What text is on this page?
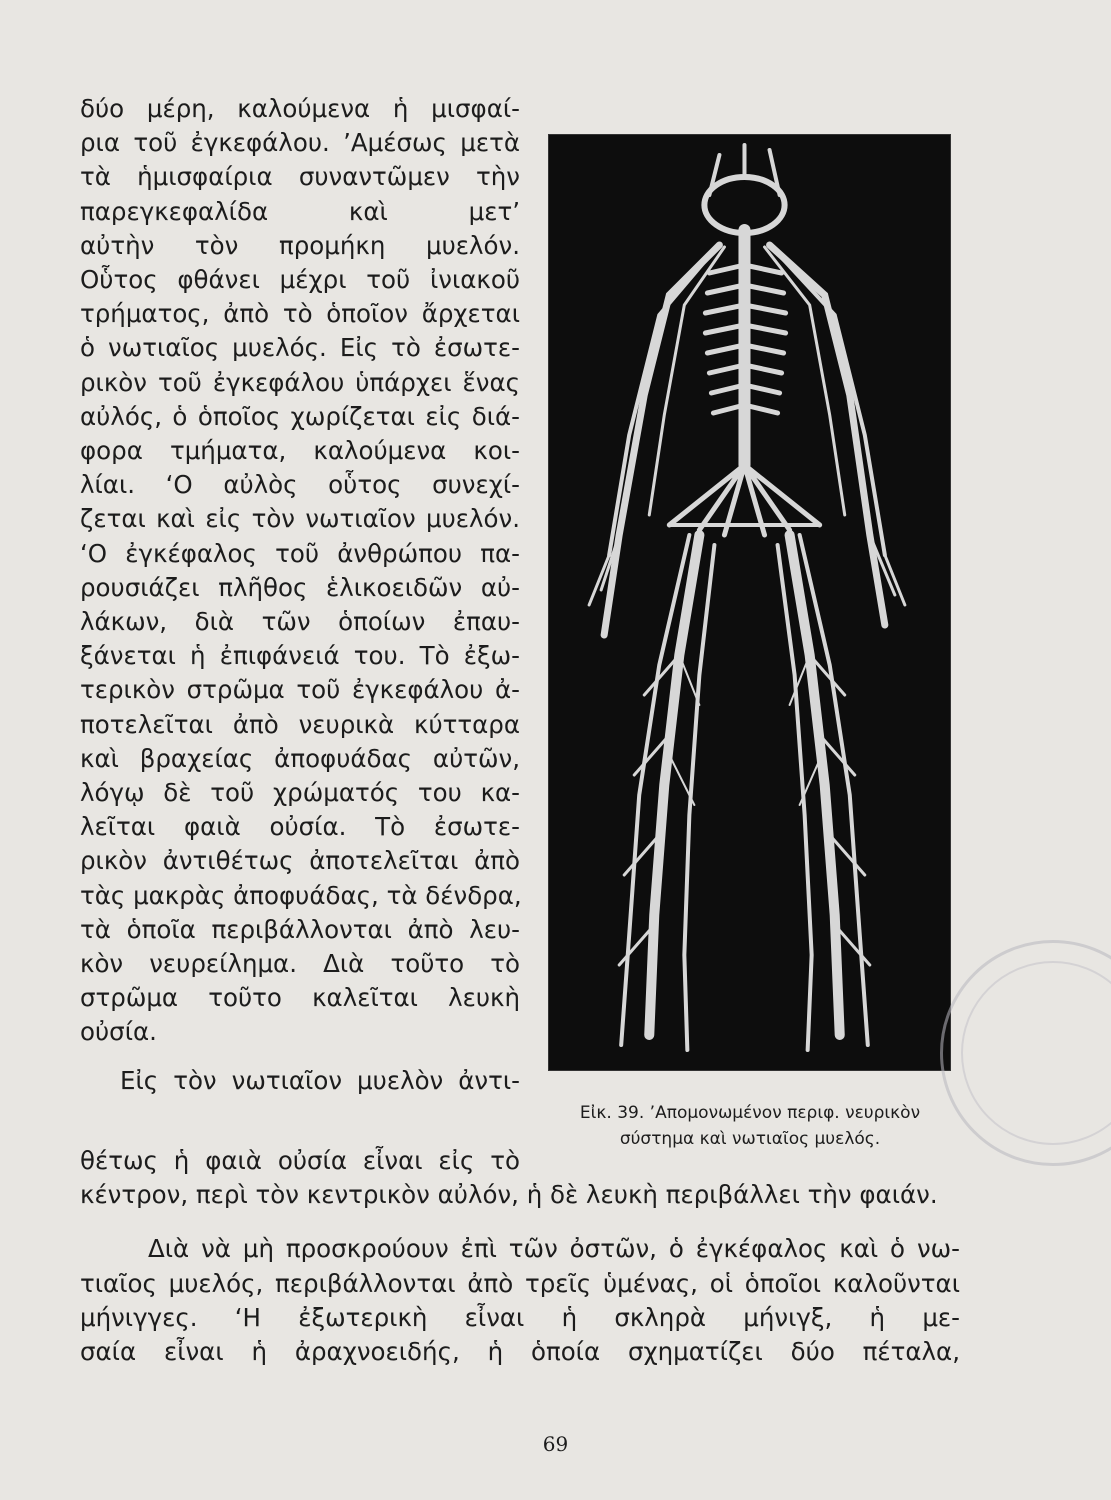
δύο μέρη, καλούμενα ἡ μισφαί-
ρια τοῦ ἐγκεφάλου. ’Αμέσως μετὰ
τὰ ἡμισφαίρια συναντῶμεν τὴν
παρεγκεφαλίδα καὶ μετ’
αὐτὴν τὸν προμήκη μυελόν.
Οὗτος φθάνει μέχρι τοῦ ἰνιακοῦ
τρήματος, ἀπὸ τὸ ὁποῖον ἄρχεται
ὁ νωτιαῖος μυελός. Εἰς τὸ ἐσωτε-
ρικὸν τοῦ ἐγκεφάλου ὑπάρχει ἕνας
αὐλός, ὁ ὁποῖος χωρίζεται εἰς διά-
φορα τμήματα, καλούμενα κοι-
λίαι. ‘Ο αὐλὸς οὗτος συνεχί-
ζεται καὶ εἰς τὸν νωτιαῖον μυελόν.
‘Ο ἐγκέφαλος τοῦ ἀνθρώπου πα-
ρουσιάζει πλῆθος ἑλικοειδῶν αὐ-
λάκων, διὰ τῶν ὁποίων ἐπαυ-
ξάνεται ἡ ἐπιφάνειά του. Τὸ ἐξω-
τερικὸν στρῶμα τοῦ ἐγκεφάλου ἀ-
ποτελεῖται ἀπὸ νευρικὰ κύτταρα
καὶ βραχείας ἀποφυάδας αὐτῶν,
λόγῳ δὲ τοῦ χρώματός του κα-
λεῖται φαιὰ οὐσία. Τὸ ἐσωτε-
ρικὸν ἀντιθέτως ἀποτελεῖται ἀπὸ
τὰς μακρὰς ἀποφυάδας, τὰ δένδρα,
τὰ ὁποῖα περιβάλλονται ἀπὸ λευ-
κὸν νευρείλημα. Διὰ τοῦτο τὸ
στρῶμα τοῦτο καλεῖται λευκὴ
οὐσία.
Εἰς τὸν νωτιαῖον μυελὸν ἀντι-
Εἰκ. 39. ’Απομονωμένον περιφ. νευρικὸν
σύστημα καὶ νωτιαῖος μυελός.
θέτως ἡ φαιὰ οὐσία εἶναι εἰς τὸ
κέντρον, περὶ τὸν κεντρικὸν αὐλόν, ἡ δὲ λευκὴ περιβάλλει τὴν φαιάν.
Διὰ νὰ μὴ προσκρούουν ἐπὶ τῶν ὀστῶν, ὁ ἐγκέφαλος καὶ ὁ νω-
τιαῖος μυελός, περιβάλλονται ἀπὸ τρεῖς ὑμένας, οἱ ὁποῖοι καλοῦνται
μήνιγγες. ‘Η ἐξωτερικὴ εἶναι ἡ σκληρὰ μήνιγξ, ἡ με-
σαία εἶναι ἡ ἀραχνοειδής, ἡ ὁποία σχηματίζει δύο πέταλα,
69
